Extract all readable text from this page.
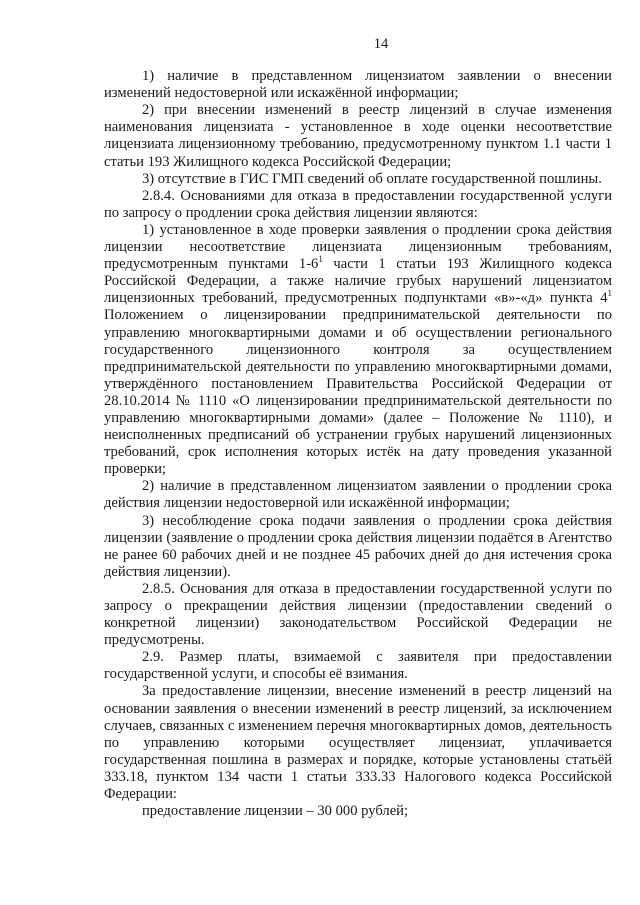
14

1) наличие в представленном лицензиатом заявлении о внесении изменений недостоверной или искажённой информации;

2) при внесении изменений в реестр лицензий в случае изменения наименования лицензиата - установленное в ходе оценки несоответствие лицензиата лицензионному требованию, предусмотренному пунктом 1.1 части 1 статьи 193 Жилищного кодекса Российской Федерации;

3) отсутствие в ГИС ГМП сведений об оплате государственной пошлины.

2.8.4. Основаниями для отказа в предоставлении государственной услуги по запросу о продлении срока действия лицензии являются:

1) установленное в ходе проверки заявления о продлении срока действия лицензии несоответствие лицензиата лицензионным требованиям, предусмотренным пунктами $1-6^1$ части 1 статьи 193 Жилищного кодекса Российской Федерации, а также наличие грубых нарушений лицензиатом лицензионных требований, предусмотренных подпунктами «в»-«д» пункта $4^1$ Положением о лицензировании предпринимательской деятельности по управлению многоквартирными домами и об осуществлении регионального государственного лицензионного контроля за осуществлением предпринимательской деятельности по управлению многоквартирными домами, утверждённого постановлением Правительства Российской Федерации от 28.10.2014 № 1110 «О лицензировании предпринимательской деятельности по управлению многоквартирными домами» (далее – Положение № 1110), и неисполненных предписаний об устранении грубых нарушений лицензионных требований, срок исполнения которых истёк на дату проведения указанной проверки;

2) наличие в представленном лицензиатом заявлении о продлении срока действия лицензии недостоверной или искажённой информации;

3) несоблюдение срока подачи заявления о продлении срока действия лицензии (заявление о продлении срока действия лицензии подаётся в Агентство не ранее 60 рабочих дней и не позднее 45 рабочих дней до дня истечения срока действия лицензии).

2.8.5. Основания для отказа в предоставлении государственной услуги по запросу о прекращении действия лицензии (предоставлении сведений о конкретной лицензии) законодательством Российской Федерации не предусмотрены.

2.9. Размер платы, взимаемой с заявителя при предоставлении государственной услуги, и способы её взимания.

За предоставление лицензии, внесение изменений в реестр лицензий на основании заявления о внесении изменений в реестр лицензий, за исключением случаев, связанных с изменением перечня многоквартирных домов, деятельность по управлению которыми осуществляет лицензиат, уплачивается государственная пошлина в размерах и порядке, которые установлены статьёй 333.18, пунктом 134 части 1 статьи 333.33 Налогового кодекса Российской Федерации:

предоставление лицензии – 30 000 рублей;
